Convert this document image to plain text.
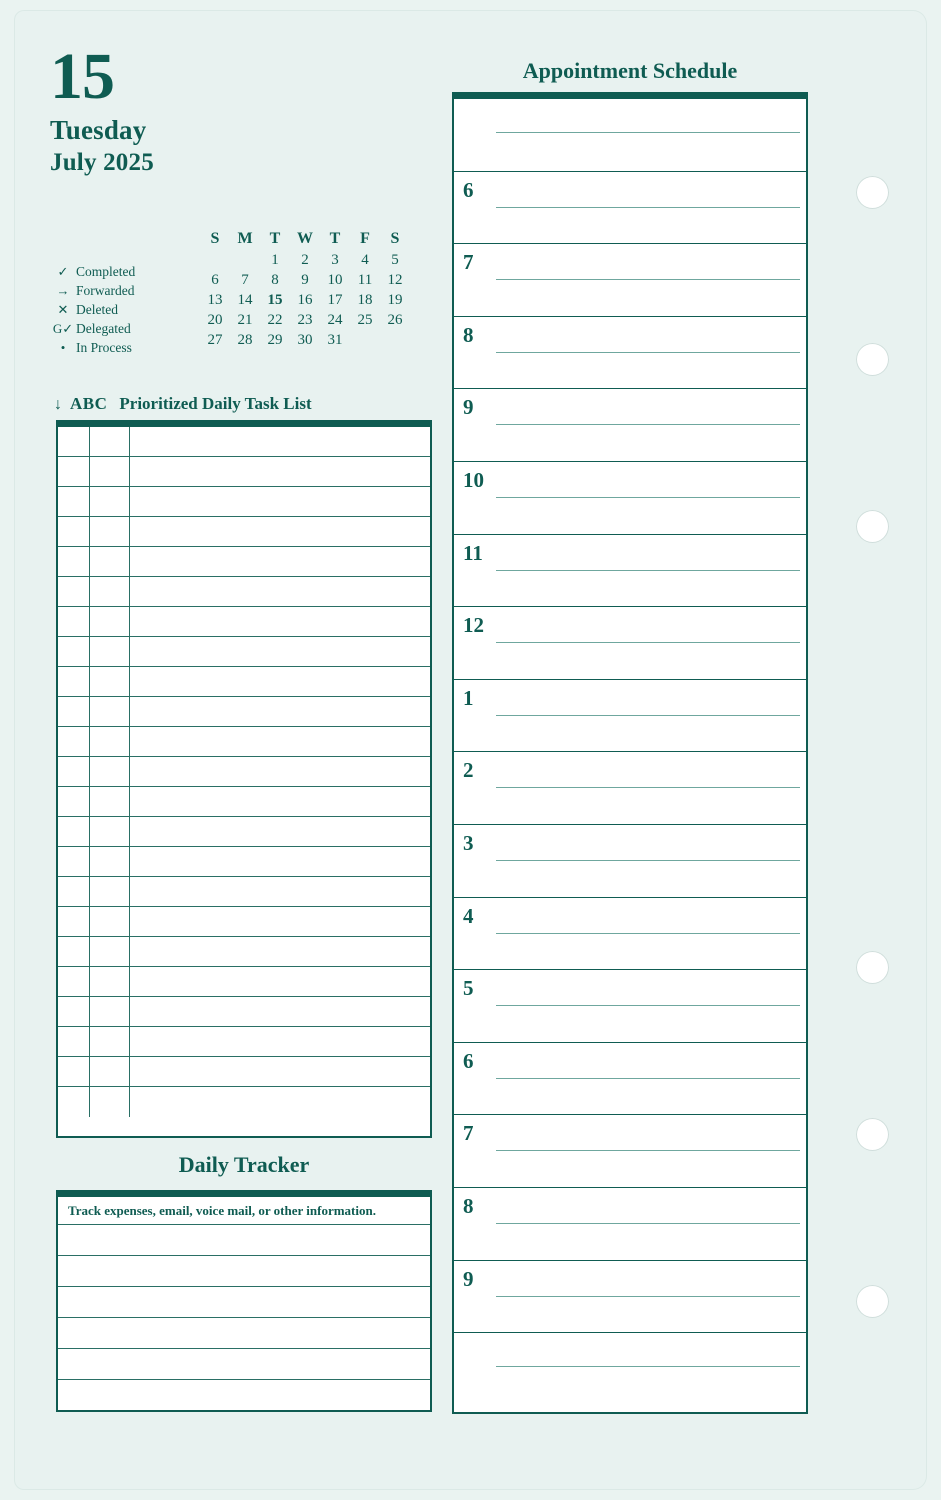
15
Tuesday
July 2025
✓ Completed
→ Forwarded
✕ Deleted
G✓ Delegated
• In Process
S	M	T	W	T	F	S
		1	2	3	4	5
6	7	8	9	10	11	12
13	14	15	16	17	18	19
20	21	22	23	24	25	26
27	28	29	30	31		
↓ ABC Prioritized Daily Task List
Daily Tracker
Track expenses, email, voice mail, or other information.
Appointment Schedule
6
7
8
9
10
11
12
1
2
3
4
5
6
7
8
9
